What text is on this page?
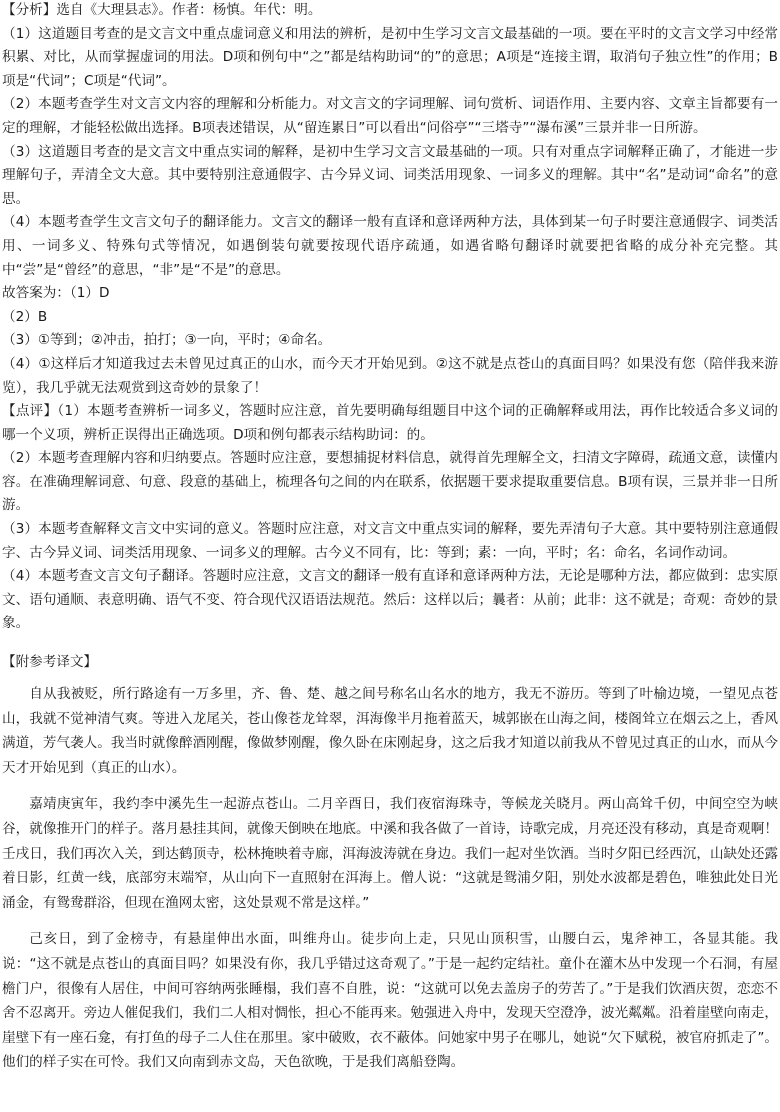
【分析】选自《大理县志》。作者：杨慎。年代：明。

（1）这道题目考查的是文言文中重点虚词意义和用法的辨析，是初中生学习文言文最基础的一项。要在平时的文言文学习中经常积累、对比，从而掌握虚词的用法。D项和例句中“之”都是结构助词“的”的意思；A项是“连接主谓，取消句子独立性”的作用；B项是“代词”；C项是“代词”。

（2）本题考查学生对文言文内容的理解和分析能力。对文言文的字词理解、词句赏析、词语作用、主要内容、文章主旨都要有一定的理解，才能轻松做出选择。B项表述错误，从“留连累日”可以看出“问俗亭”“三塔寺”“瀑布溪”三景并非一日所游。

（3）这道题目考查的是文言文中重点实词的解释，是初中生学习文言文最基础的一项。只有对重点字词解释正确了，才能进一步理解句子，弄清全文大意。其中要特别注意通假字、古今异义词、词类活用现象、一词多义的理解。其中“名”是动词“命名”的意思。

（4）本题考查学生文言文句子的翻译能力。文言文的翻译一般有直译和意译两种方法，具体到某一句子时要注意通假字、词类活用、一词多义、特殊句式等情况，如遇倒装句就要按现代语序疏通，如遇省略句翻译时就要把省略的成分补充完整。其中“尝”是“曾经”的意思，“非”是“不是”的意思。

故答案为：（1）D

（2）B

（3）①等到；②冲击，拍打；③一向，平时；④命名。

（4）①这样后才知道我过去未曾见过真正的山水，而今天才开始见到。②这不就是点苍山的真面目吗？如果没有您（陪伴我来游览），我几乎就无法观赏到这奇妙的景象了！

【点评】（1）本题考查辨析一词多义，答题时应注意，首先要明确每组题目中这个词的正确解释或用法，再作比较适合多义词的哪一个义项，辨析正误得出正确选项。D项和例句都表示结构助词：的。

（2）本题考查理解内容和归纳要点。答题时应注意，要想捕捉材料信息，就得首先理解全文，扫清文字障碍，疏通文意，读懂内容。在准确理解词意、句意、段意的基础上，梳理各句之间的内在联系，依据题干要求提取重要信息。B项有误，三景并非一日所游。

（3）本题考查解释文言文中实词的意义。答题时应注意，对文言文中重点实词的解释，要先弄清句子大意。其中要特别注意通假字、古今异义词、词类活用现象、一词多义的理解。古今义不同有，比：等到；素：一向，平时；名：命名，名词作动词。

（4）本题考查文言文句子翻译。答题时应注意，文言文的翻译一般有直译和意译两种方法，无论是哪种方法，都应做到：忠实原文、语句通顺、表意明确、语气不变、符合现代汉语语法规范。然后：这样以后；曩者：从前；此非：这不就是；奇观：奇妙的景象。

【附参考译文】

自从我被贬，所行路途有一万多里，齐、鲁、楚、越之间号称名山名水的地方，我无不游历。等到了叶榆边境，一望见点苍山，我就不觉神清气爽。等进入龙尾关，苍山像苍龙耸翠，洱海像半月拖着蓝天，城郭嵌在山海之间，楼阁耸立在烟云之上，香风满道，芳气袭人。我当时就像醉酒刚醒，像做梦刚醒，像久卧在床刚起身，这之后我才知道以前我从不曾见过真正的山水，而从今天才开始见到（真正的山水）。

嘉靖庚寅年，我约李中溪先生一起游点苍山。二月辛酉日，我们夜宿海珠寺，等候龙关晓月。两山高耸千仞，中间空空为峡谷，就像推开门的样子。落月悬挂其间，就像天倒映在地底。中溪和我各做了一首诗，诗歌完成，月亮还没有移动，真是奇观啊！壬戌日，我们再次入关，到达鹤顶寺，松林掩映着寺廊，洱海波涛就在身边。我们一起对坐饮酒。当时夕阳已经西沉，山缺处还露着日影，红黄一线，底部穷末端窄，从山向下一直照射在洱海上。僧人说：“这就是鸳浦夕阳，别处水波都是碧色，唯独此处日光涌金，有鸳鸯群浴，但现在渔网太密，这处景观不常是这样。”

己亥日，到了金榜寺，有悬崖伸出水面，叫维舟山。徒步向上走，只见山顶积雪，山腰白云，鬼斧神工，各显其能。我说：“这不就是点苍山的真面目吗？如果没有你，我几乎错过这奇观了。”于是一起约定结社。童仆在灌木丛中发现一个石洞，有屋檐门户，很像有人居住，中间可容纳两张睡榻，我们喜不自胜，说：“这就可以免去盖房子的劳苦了。”于是我们饮酒庆贺，恋恋不舍不忍离开。旁边人催促我们，我们二人相对惆怅，担心不能再来。勉强进入舟中，发现天空澄净，波光粼粼。沿着崖壁向南走，崖壁下有一座石龛，有打鱼的母子二人住在那里。家中破败，衣不蔽体。问她家中男子在哪儿，她说“欠下赋税，被官府抓走了”。他们的样子实在可怜。我们又向南到赤文岛，天色欲晚，于是我们离船登陶。
